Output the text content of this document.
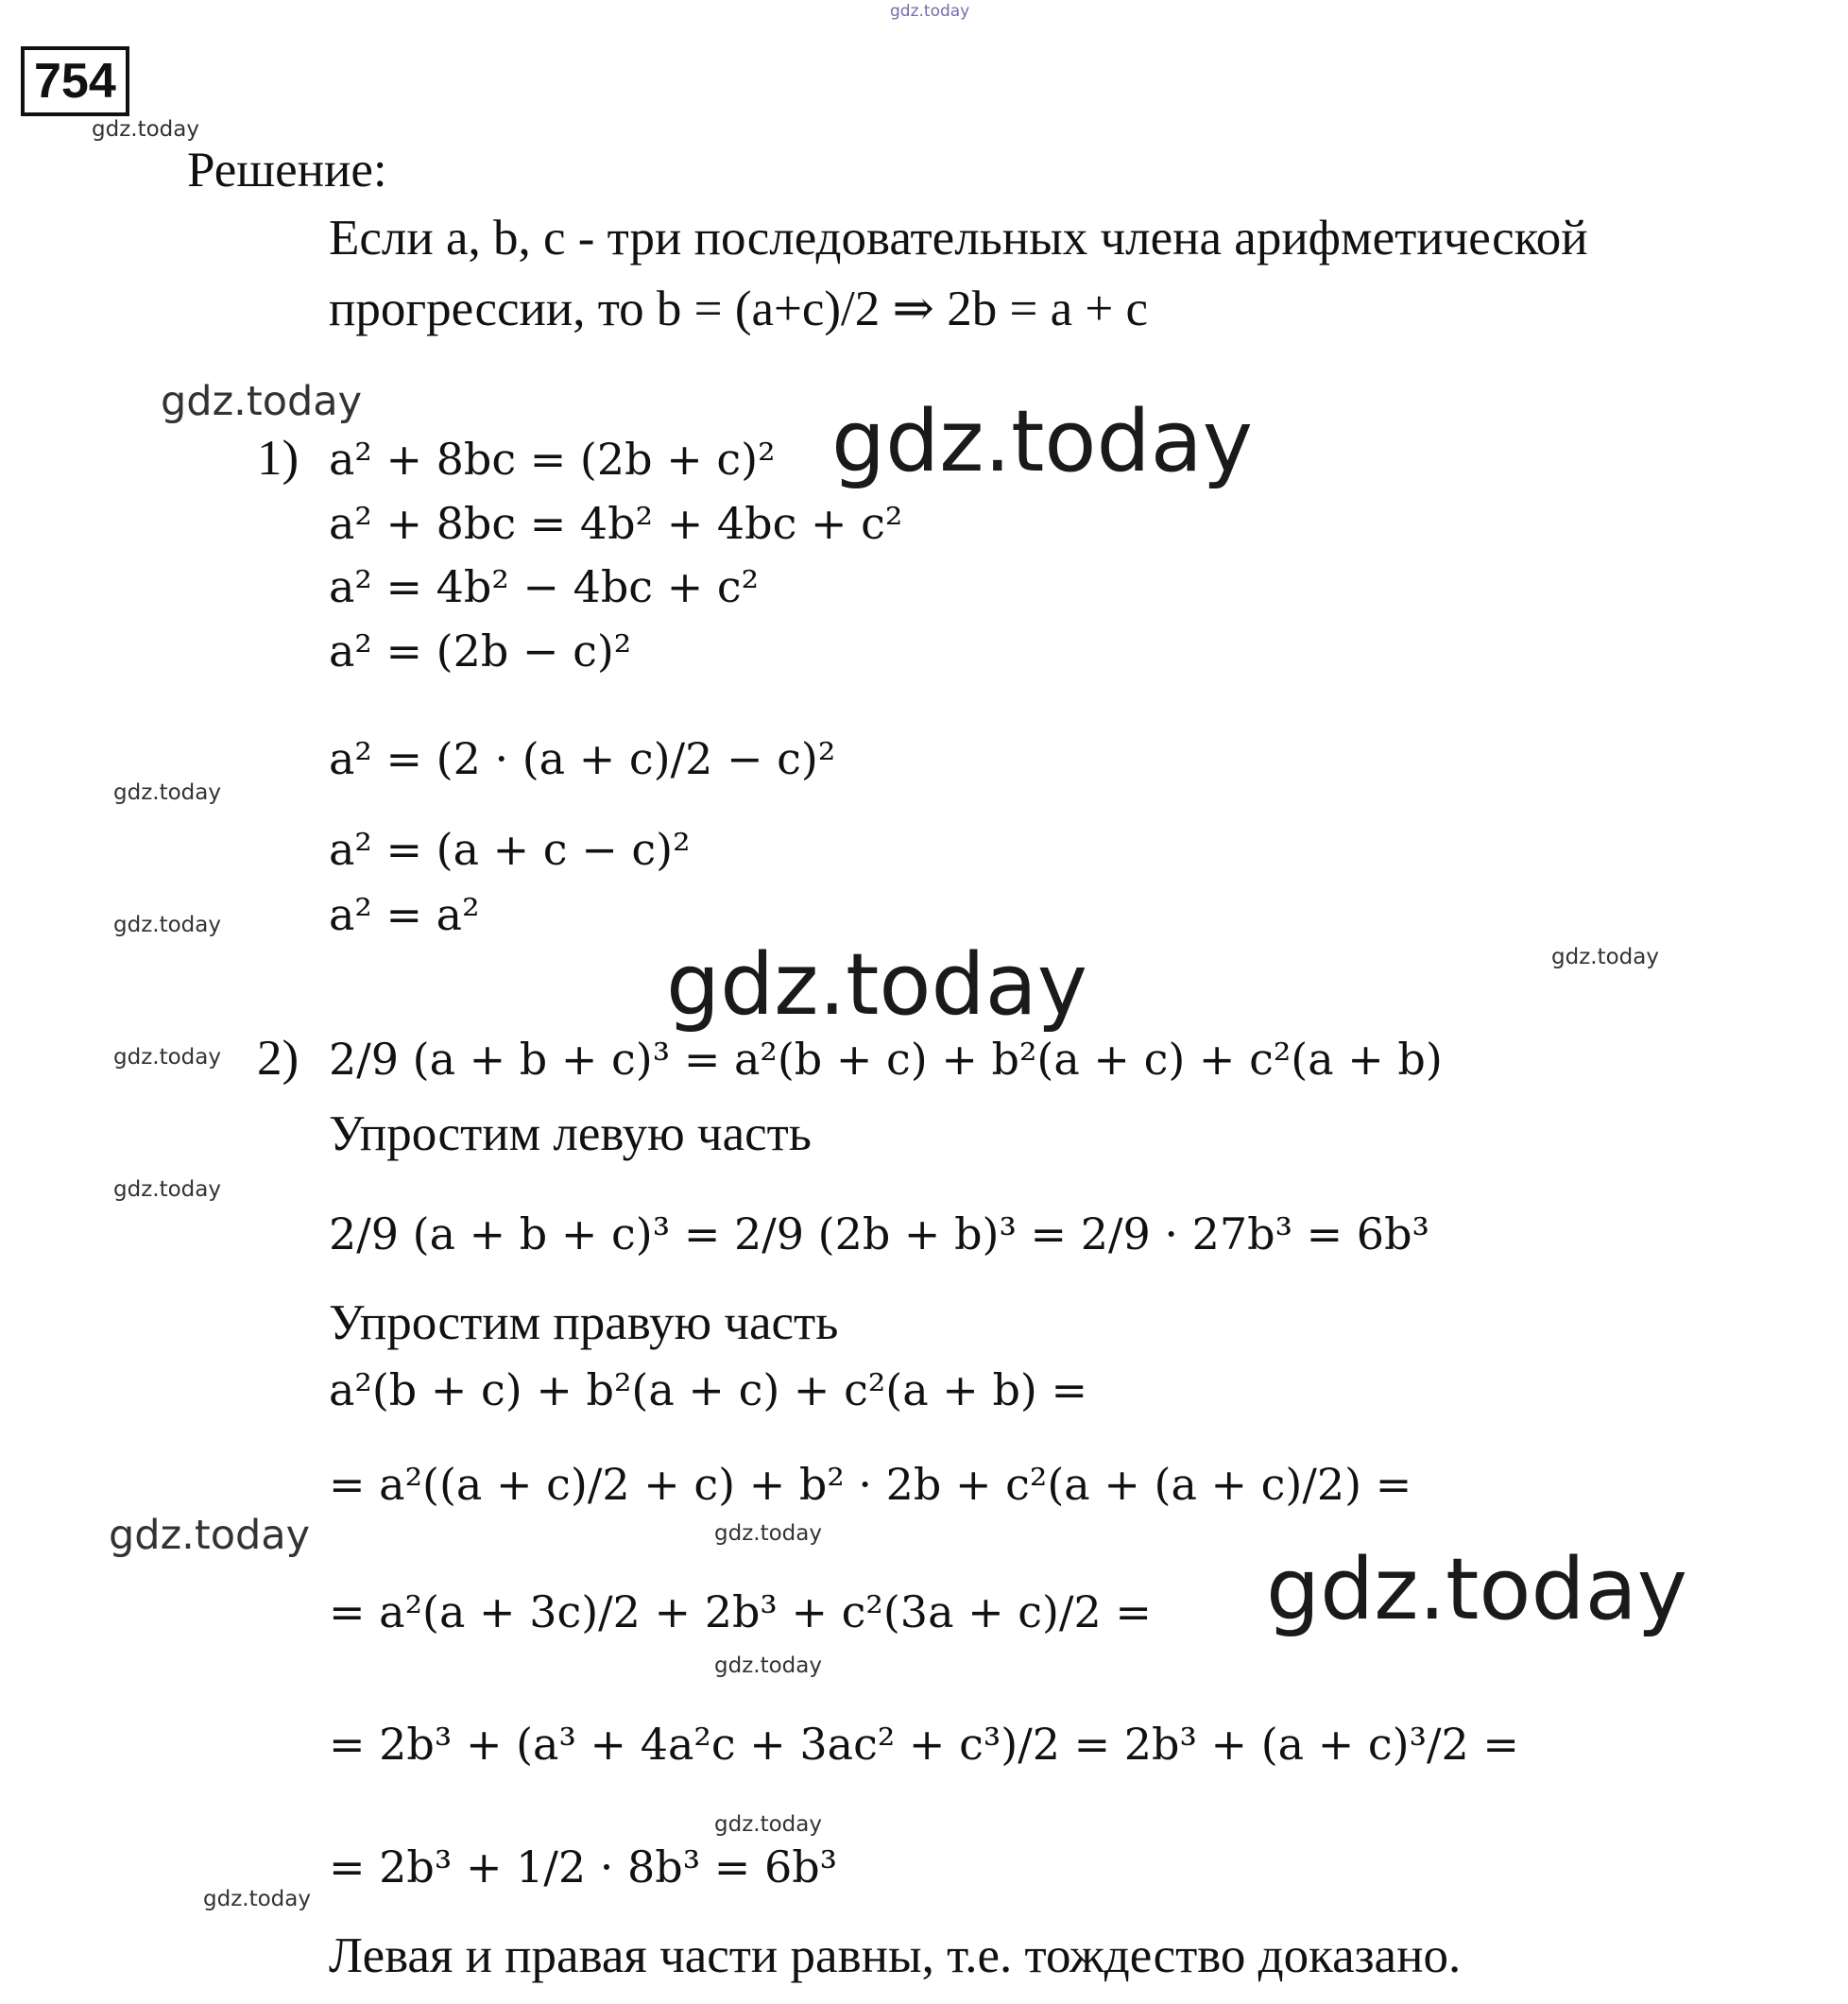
gdz.today
gdz.today
gdz.today	gdz.today
gdz.today
gdz.today
gdz.today
gdz.today
gdz.today
gdz.today
gdz.today	gdz.today
gdz.today
gdz.today
gdz.today
gdz.today
754
Решение:
Если a, b, c - три последовательных члена арифметической
прогрессии, то b = (a+c)/2 ⇒ 2b = a + c
1) a² + 8bc = (2b + c)²
a² + 8bc = 4b² + 4bc + c²
a² = 4b² − 4bc + c²
a² = (2b − c)²
a² = (2 · (a + c)/2 − c)²
a² = (a + c − c)²
a² = a²
2) 2/9 (a + b + c)³ = a²(b + c) + b²(a + c) + c²(a + b)
Упростим левую часть
2/9 (a + b + c)³ = 2/9 (2b + b)³ = 2/9 · 27b³ = 6b³
Упростим правую часть
a²(b + c) + b²(a + c) + c²(a + b) =
= a²((a + c)/2 + c) + b² · 2b + c²(a + (a + c)/2) =
= a²(a + 3c)/2 + 2b³ + c²(3a + c)/2 =
= 2b³ + (a³ + 4a²c + 3ac² + c³)/2 = 2b³ + (a + c)³/2 =
= 2b³ + 1/2 · 8b³ = 6b³
Левая и правая части равны, т.е. тождество доказано.
